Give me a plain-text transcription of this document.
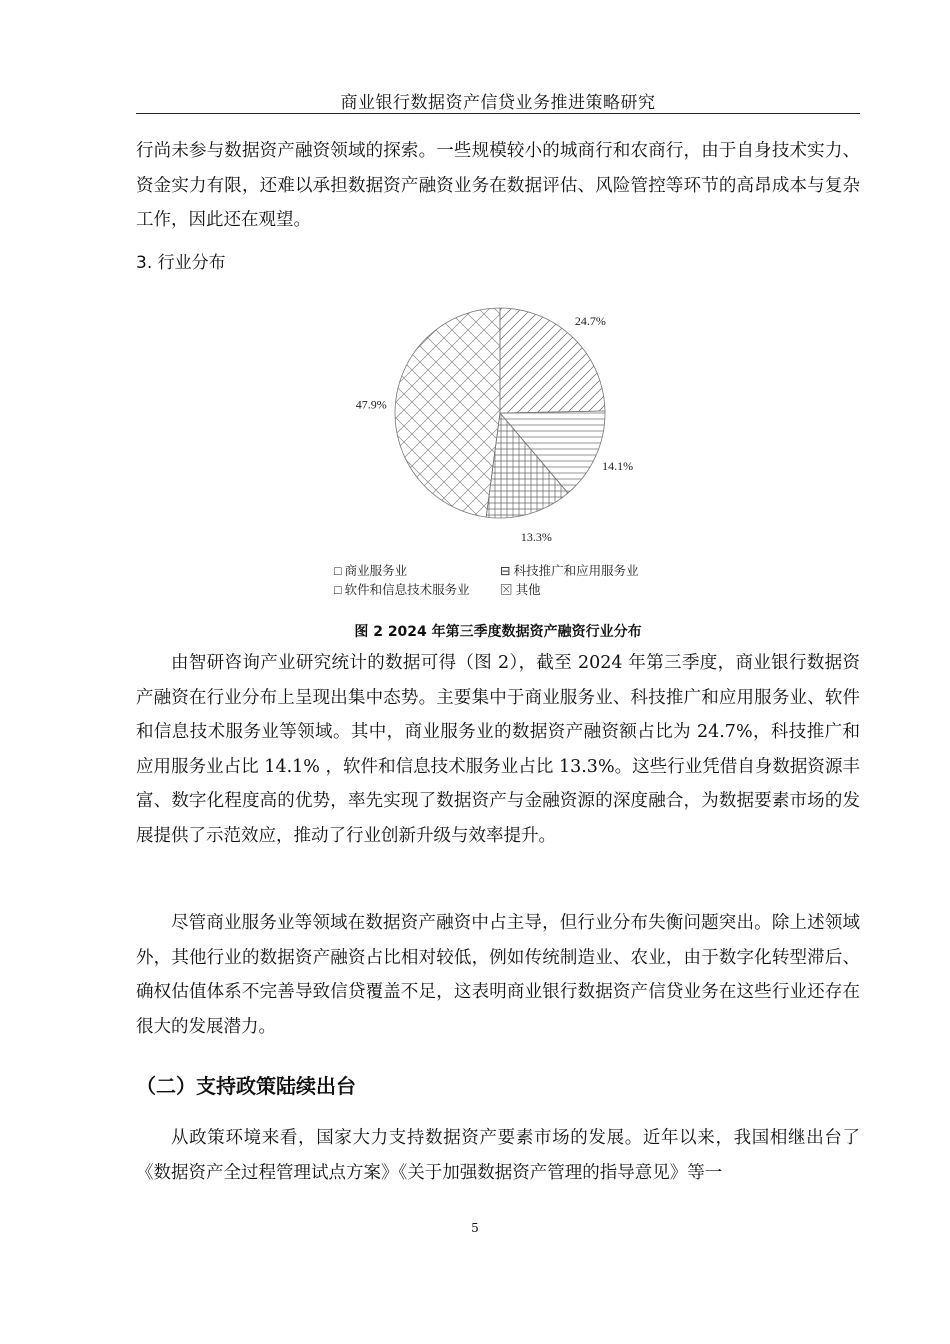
商业银行数据资产信贷业务推进策略研究

行尚未参与数据资产融资领域的探索。一些规模较小的城商行和农商行，由于自身技术实力、资金实力有限，还难以承担数据资产融资业务在数据评估、风险管控等环节的高昂成本与复杂工作，因此还在观望。

3. 行业分布
24.7%
14.1%
13.3%
47.9%
□ 商业服务业	⊟ 科技推广和应用服务业
□ 软件和信息技术服务业 ⊠ 其他
图 2 2024 年第三季度数据资产融资行业分布

由智研咨询产业研究统计的数据可得（图 2），截至 2024 年第三季度，商业银行数据资产融资在行业分布上呈现出集中态势。主要集中于商业服务业、科技推广和应用服务业、软件和信息技术服务业等领域。其中，商业服务业的数据资产融资额占比为 24.7%，科技推广和应用服务业占比 14.1% ，软件和信息技术服务业占比 13.3%。这些行业凭借自身数据资源丰富、数字化程度高的优势，率先实现了数据资产与金融资源的深度融合，为数据要素市场的发展提供了示范效应，推动了行业创新升级与效率提升。

尽管商业服务业等领域在数据资产融资中占主导，但行业分布失衡问题突出。除上述领域外，其他行业的数据资产融资占比相对较低，例如传统制造业、农业，由于数字化转型滞后、确权估值体系不完善导致信贷覆盖不足，这表明商业银行数据资产信贷业务在这些行业还存在很大的发展潜力。

（二）支持政策陆续出台

从政策环境来看，国家大力支持数据资产要素市场的发展。近年以来，我国相继出台了《数据资产全过程管理试点方案》《关于加强数据资产管理的指导意见》等一

5
